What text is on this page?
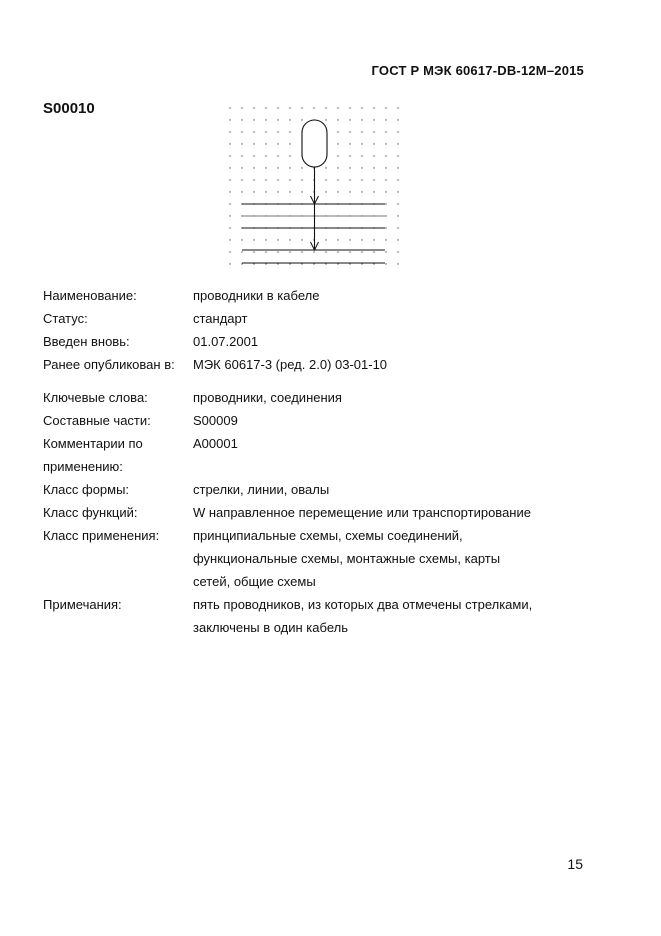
ГОСТ Р МЭК 60617-DB-12M–2015
S00010
Наименование:	проводники в кабеле
Статус:	стандарт
Введен вновь:	01.07.2001
Ранее опубликован в:	МЭК 60617-3 (ред. 2.0) 03-01-10
Ключевые слова:	проводники, соединения
Составные части:	S00009
Комментарии по
применению:
A00001
Класс формы:	стрелки, линии, овалы
Класс функций:	W направленное перемещение или транспортирование
Класс применения:	принципиальные схемы, схемы соединений,
функциональные схемы, монтажные схемы, карты
сетей, общие схемы
Примечания:	пять проводников, из которых два отмечены стрелками,
заключены в один кабель
15
